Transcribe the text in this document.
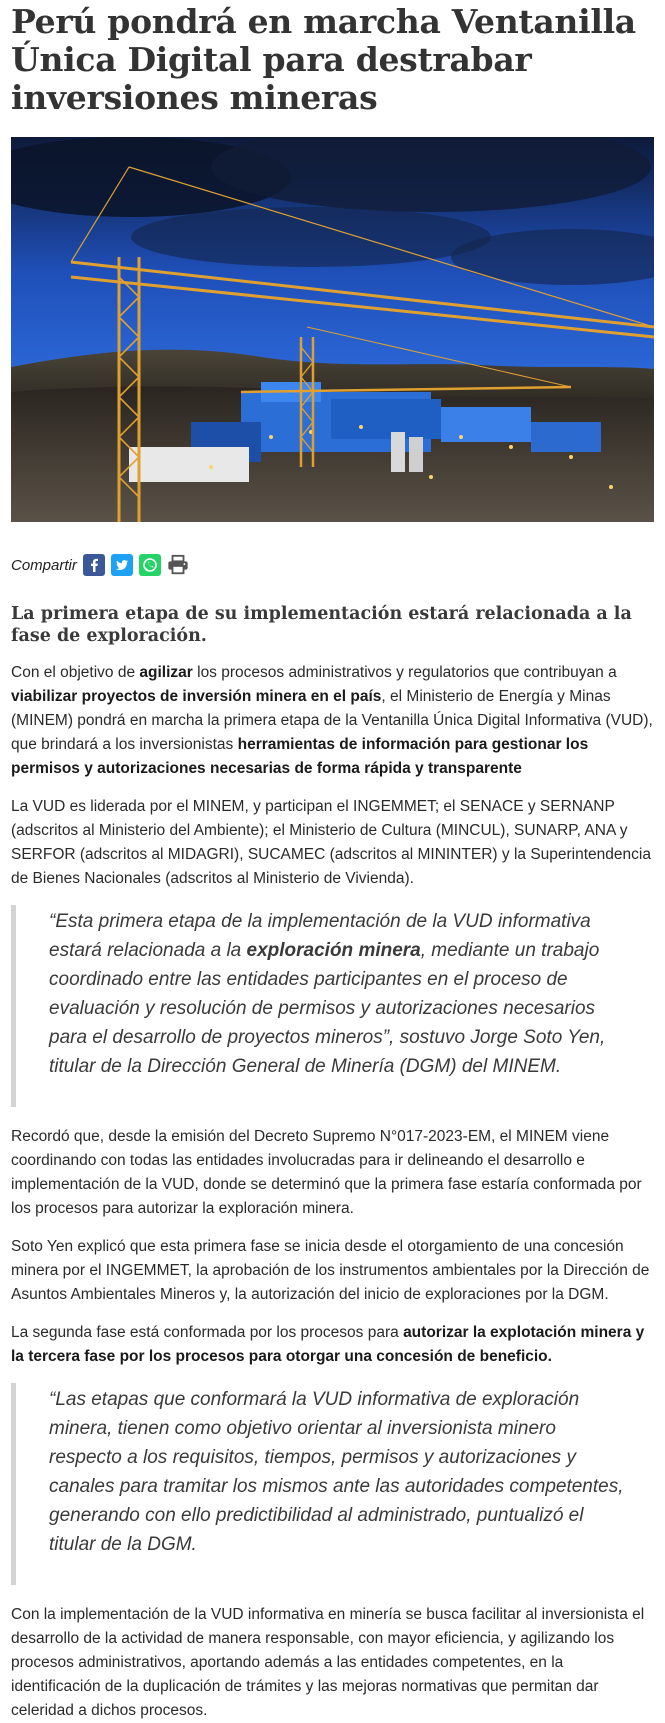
Perú pondrá en marcha Ventanilla Única Digital para destrabar inversiones mineras
Compartir
La primera etapa de su implementación estará relacionada a la fase de exploración.

Con el objetivo de agilizar los procesos administrativos y regulatorios que contribuyan a viabilizar proyectos de inversión minera en el país, el Ministerio de Energía y Minas (MINEM) pondrá en marcha la primera etapa de la Ventanilla Única Digital Informativa (VUD), que brindará a los inversionistas herramientas de información para gestionar los permisos y autorizaciones necesarias de forma rápida y transparente

La VUD es liderada por el MINEM, y participan el INGEMMET; el SENACE y SERNANP (adscritos al Ministerio del Ambiente); el Ministerio de Cultura (MINCUL), SUNARP, ANA y SERFOR (adscritos al MIDAGRI), SUCAMEC (adscritos al MININTER) y la Superintendencia de Bienes Nacionales (adscritos al Ministerio de Vivienda).

“Esta primera etapa de la implementación de la VUD informativa estará relacionada a la exploración minera, mediante un trabajo coordinado entre las entidades participantes en el proceso de evaluación y resolución de permisos y autorizaciones necesarios para el desarrollo de proyectos mineros”, sostuvo Jorge Soto Yen, titular de la Dirección General de Minería (DGM) del MINEM.

Recordó que, desde la emisión del Decreto Supremo N°017-2023-EM, el MINEM viene coordinando con todas las entidades involucradas para ir delineando el desarrollo e implementación de la VUD, donde se determinó que la primera fase estaría conformada por los procesos para autorizar la exploración minera.

Soto Yen explicó que esta primera fase se inicia desde el otorgamiento de una concesión minera por el INGEMMET, la aprobación de los instrumentos ambientales por la Dirección de Asuntos Ambientales Mineros y, la autorización del inicio de exploraciones por la DGM.

La segunda fase está conformada por los procesos para autorizar la explotación minera y la tercera fase por los procesos para otorgar una concesión de beneficio.

“Las etapas que conformará la VUD informativa de exploración minera, tienen como objetivo orientar al inversionista minero respecto a los requisitos, tiempos, permisos y autorizaciones y canales para tramitar los mismos ante las autoridades competentes, generando con ello predictibilidad al administrado, puntualizó el titular de la DGM.

Con la implementación de la VUD informativa en minería se busca facilitar al inversionista el desarrollo de la actividad de manera responsable, con mayor eficiencia, y agilizando los procesos administrativos, aportando además a las entidades competentes, en la identificación de la duplicación de trámites y las mejoras normativas que permitan dar celeridad a dichos procesos.
